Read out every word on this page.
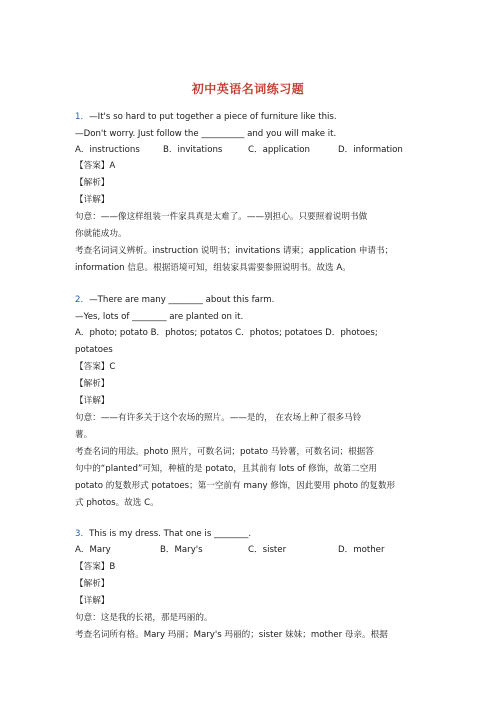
初中英语名词练习题
1．—It's so hard to put together a piece of furniture like this.
—Don't worry. Just follow the __________ and you will make it.
A．instructions	B．invitations	C．application	D．information
【答案】A
【解析】
【详解】
句意：——像这样组装一件家具真是太难了。——别担心。只要照着说明书做
你就能成功。
考查名词词义辨析。instruction 说明书；invitations 请柬；application 申请书；
information 信息。根据语境可知，组装家具需要参照说明书。故选 A。
2．—There are many ________ about this farm.
—Yes, lots of ________ are planted on it.
A．photo; potato B．photos; potatos C．photos; potatoes D．photoes;
potatoes
【答案】C
【解析】
【详解】
句意：——有许多关于这个农场的照片。——是的， 在农场上种了很多马铃
薯。
考查名词的用法。photo 照片，可数名词；potato 马铃薯，可数名词；根据答
句中的“planted”可知，种植的是 potato，且其前有 lots of 修饰，故第二空用
potato 的复数形式 potatoes；第一空前有 many 修饰，因此要用 photo 的复数形
式 photos。故选 C。
3．This is my dress. That one is ________.
A．Mary	B．Mary's	C．sister	D．mother
【答案】B
【解析】
【详解】
句意：这是我的长裙，那是玛丽的。
考查名词所有格。Mary 玛丽；Mary's 玛丽的；sister 妹妹；mother 母亲。根据
